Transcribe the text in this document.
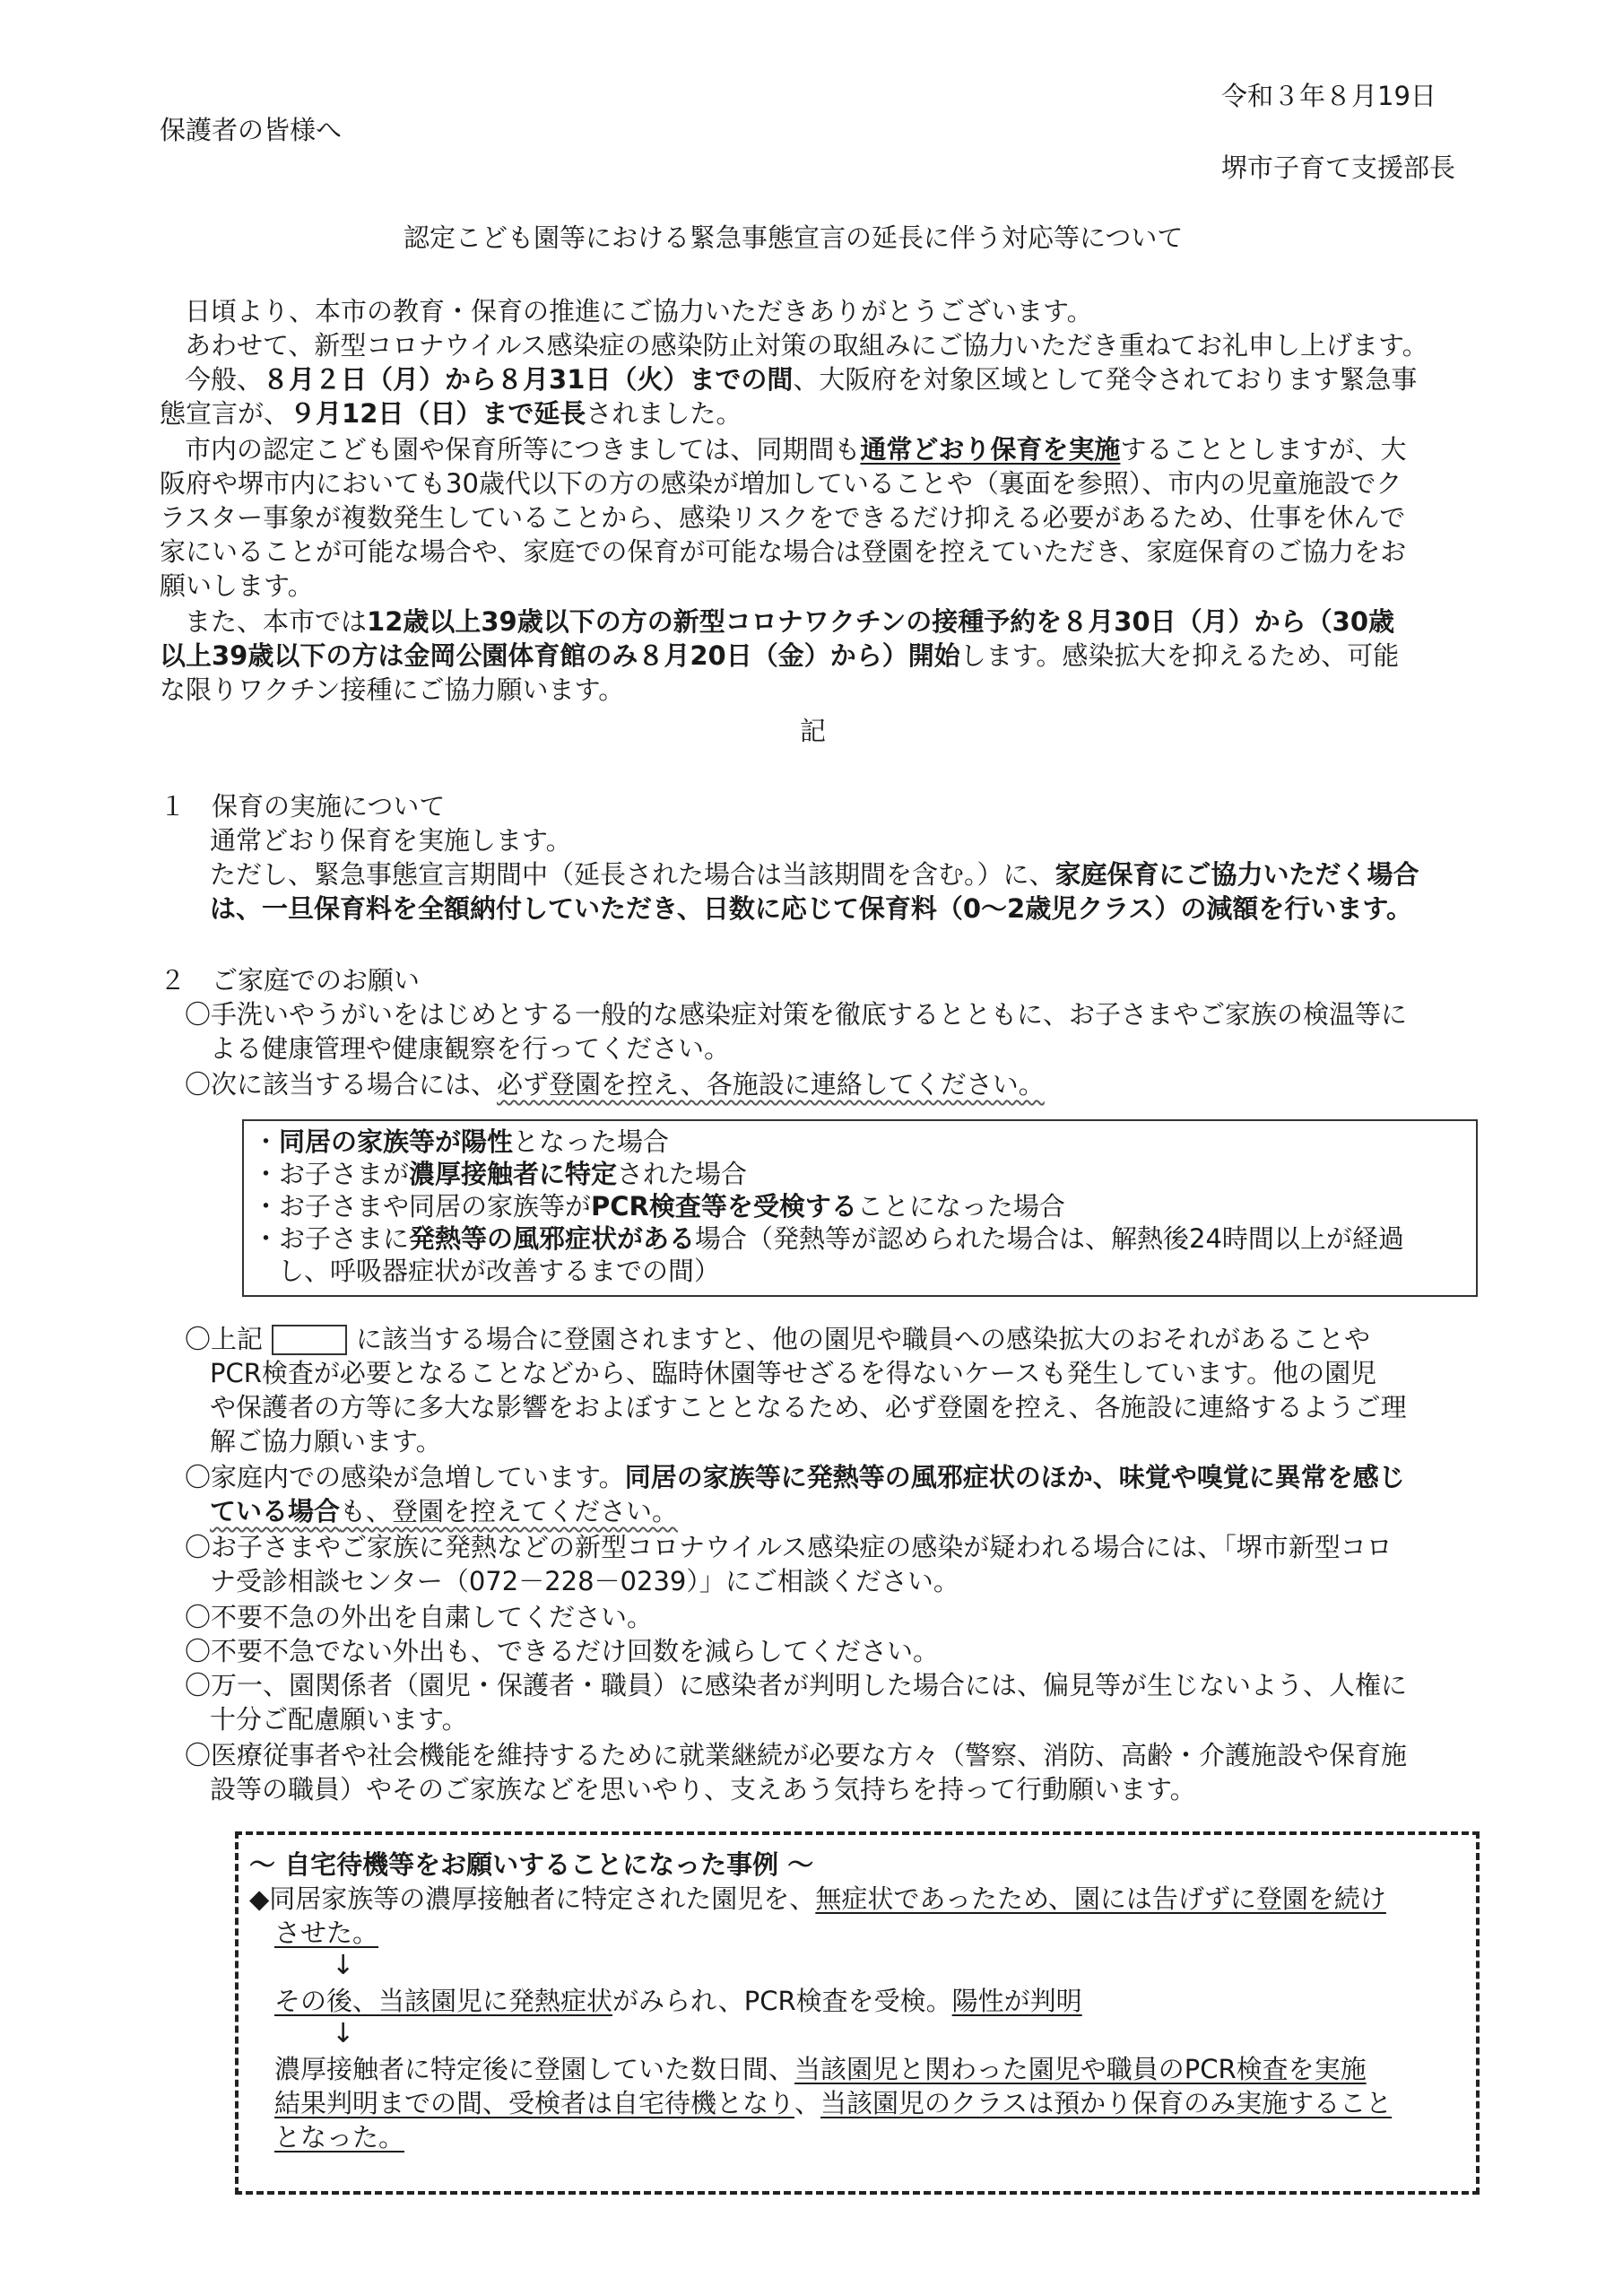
令和３年８月19日
保護者の皆様へ
堺市子育て支援部長
認定こども園等における緊急事態宣言の延長に伴う対応等について
日頃より、本市の教育・保育の推進にご協力いただきありがとうございます。
あわせて、新型コロナウイルス感染症の感染防止対策の取組みにご協力いただき重ねてお礼申し上げます。
今般、８月２日（月）から８月31日（火）までの間、大阪府を対象区域として発令されております緊急事
態宣言が、９月12日（日）まで延長されました。
市内の認定こども園や保育所等につきましては、同期間も通常どおり保育を実施することとしますが、大
阪府や堺市内においても30歳代以下の方の感染が増加していることや（裏面を参照）、市内の児童施設でク
ラスター事象が複数発生していることから、感染リスクをできるだけ抑える必要があるため、仕事を休んで
家にいることが可能な場合や、家庭での保育が可能な場合は登園を控えていただき、家庭保育のご協力をお
願いします。
また、本市では12歳以上39歳以下の方の新型コロナワクチンの接種予約を８月30日（月）から（30歳
以上39歳以下の方は金岡公園体育館のみ８月20日（金）から）開始します。感染拡大を抑えるため、可能
な限りワクチン接種にご協力願います。
記
１　保育の実施について
通常どおり保育を実施します。
ただし、緊急事態宣言期間中（延長された場合は当該期間を含む。）に、家庭保育にご協力いただく場合
は、一旦保育料を全額納付していただき、日数に応じて保育料（0～2歳児クラス）の減額を行います。
２　ご家庭でのお願い
〇手洗いやうがいをはじめとする一般的な感染症対策を徹底するとともに、お子さまやご家族の検温等に
よる健康管理や健康観察を行ってください。
〇次に該当する場合には、必ず登園を控え、各施設に連絡してください。
・同居の家族等が陽性となった場合
・お子さまが濃厚接触者に特定された場合
・お子さまや同居の家族等がPCR検査等を受検することになった場合
・お子さまに発熱等の風邪症状がある場合（発熱等が認められた場合は、解熱後24時間以上が経過
し、呼吸器症状が改善するまでの間）
〇上記	に該当する場合に登園されますと、他の園児や職員への感染拡大のおそれがあることや
PCR検査が必要となることなどから、臨時休園等せざるを得ないケースも発生しています。他の園児
や保護者の方等に多大な影響をおよぼすこととなるため、必ず登園を控え、各施設に連絡するようご理
解ご協力願います。
〇家庭内での感染が急増しています。同居の家族等に発熱等の風邪症状のほか、味覚や嗅覚に異常を感じ
ている場合も、登園を控えてください。
〇お子さまやご家族に発熱などの新型コロナウイルス感染症の感染が疑われる場合には、「堺市新型コロ
ナ受診相談センター（072－228－0239）」にご相談ください。
〇不要不急の外出を自粛してください。
〇不要不急でない外出も、できるだけ回数を減らしてください。
〇万一、園関係者（園児・保護者・職員）に感染者が判明した場合には、偏見等が生じないよう、人権に
十分ご配慮願います。
〇医療従事者や社会機能を維持するために就業継続が必要な方々（警察、消防、高齢・介護施設や保育施
設等の職員）やそのご家族などを思いやり、支えあう気持ちを持って行動願います。
～ 自宅待機等をお願いすることになった事例 ～
◆同居家族等の濃厚接触者に特定された園児を、無症状であったため、園には告げずに登園を続け
させた。
↓
その後、当該園児に発熱症状がみられ、PCR検査を受検。陽性が判明
↓
濃厚接触者に特定後に登園していた数日間、当該園児と関わった園児や職員のPCR検査を実施
結果判明までの間、受検者は自宅待機となり、当該園児のクラスは預かり保育のみ実施すること
となった。
